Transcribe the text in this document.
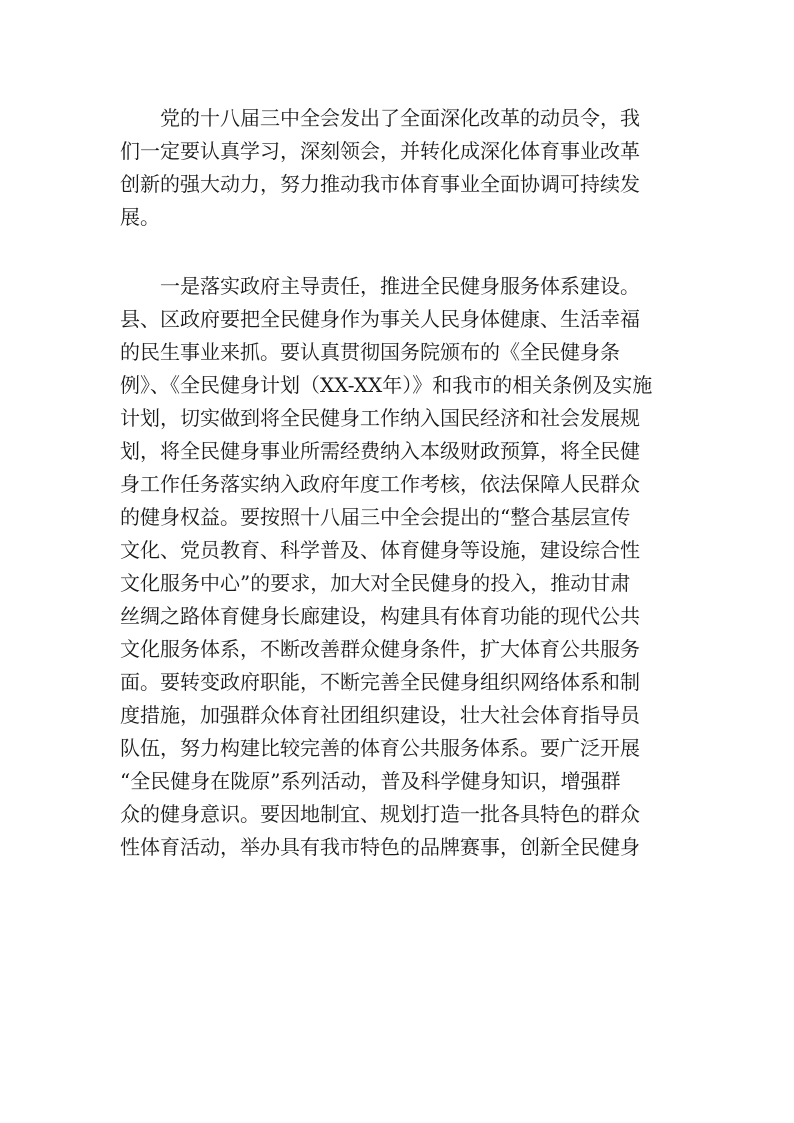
　　党的十八届三中全会发出了全面深化改革的动员令，我

们一定要认真学习，深刻领会，并转化成深化体育事业改革

创新的强大动力，努力推动我市体育事业全面协调可持续发

展。

　　一是落实政府主导责任，推进全民健身服务体系建设。

县、区政府要把全民健身作为事关人民身体健康、生活幸福

的民生事业来抓。要认真贯彻国务院颁布的《全民健身条

例》、《全民健身计划（XX-XX年）》和我市的相关条例及实施

计划，切实做到将全民健身工作纳入国民经济和社会发展规

划，将全民健身事业所需经费纳入本级财政预算，将全民健

身工作任务落实纳入政府年度工作考核，依法保障人民群众

的健身权益。要按照十八届三中全会提出的“整合基层宣传

文化、党员教育、科学普及、体育健身等设施，建设综合性

文化服务中心”的要求，加大对全民健身的投入，推动甘肃

丝绸之路体育健身长廊建设，构建具有体育功能的现代公共

文化服务体系，不断改善群众健身条件，扩大体育公共服务

面。要转变政府职能，不断完善全民健身组织网络体系和制

度措施，加强群众体育社团组织建设，壮大社会体育指导员

队伍，努力构建比较完善的体育公共服务体系。要广泛开展

“全民健身在陇原”系列活动，普及科学健身知识，增强群

众的健身意识。要因地制宜、规划打造一批各具特色的群众

性体育活动，举办具有我市特色的品牌赛事，创新全民健身
